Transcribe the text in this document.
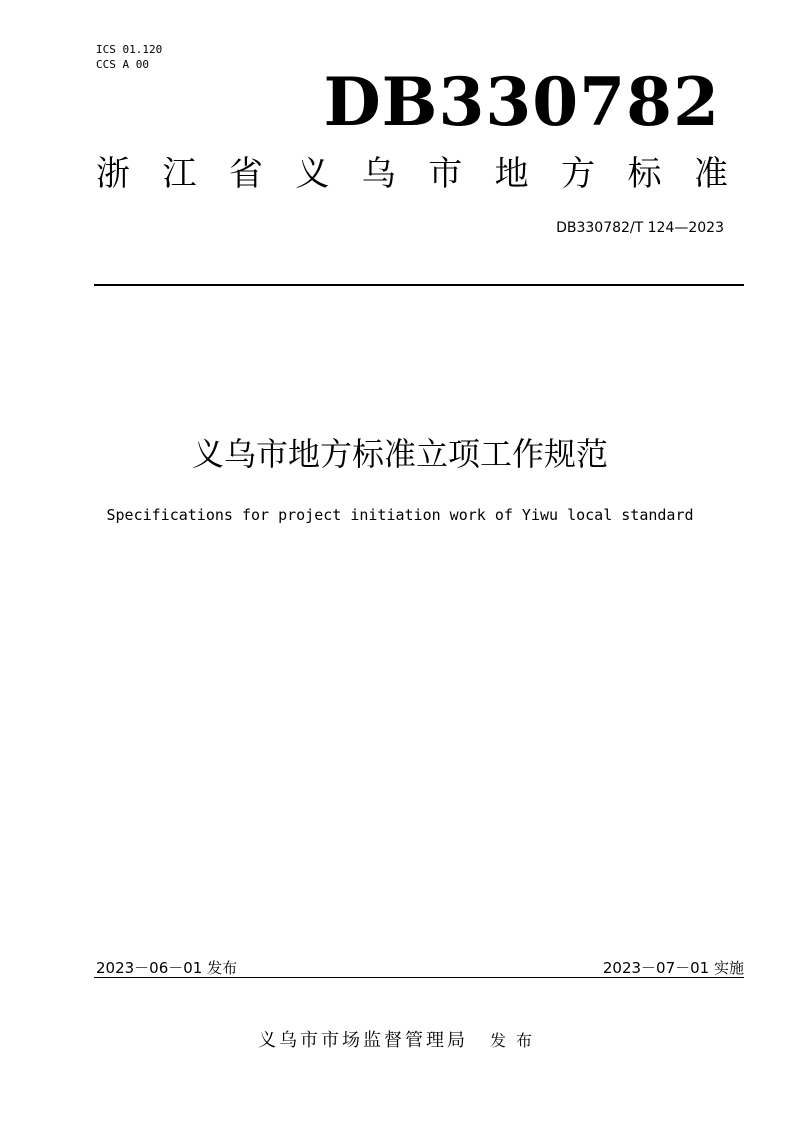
ICS 01.120
CCS A 00	DB330782
浙 江 省 义 乌 市 地 方 标 准
DB330782/T 124—2023
义乌市地方标准立项工作规范
Specifications for project initiation work of Yiwu local standard
2023－06－01 发布	2023－07－01 实施
义乌市市场监督管理局 发布
